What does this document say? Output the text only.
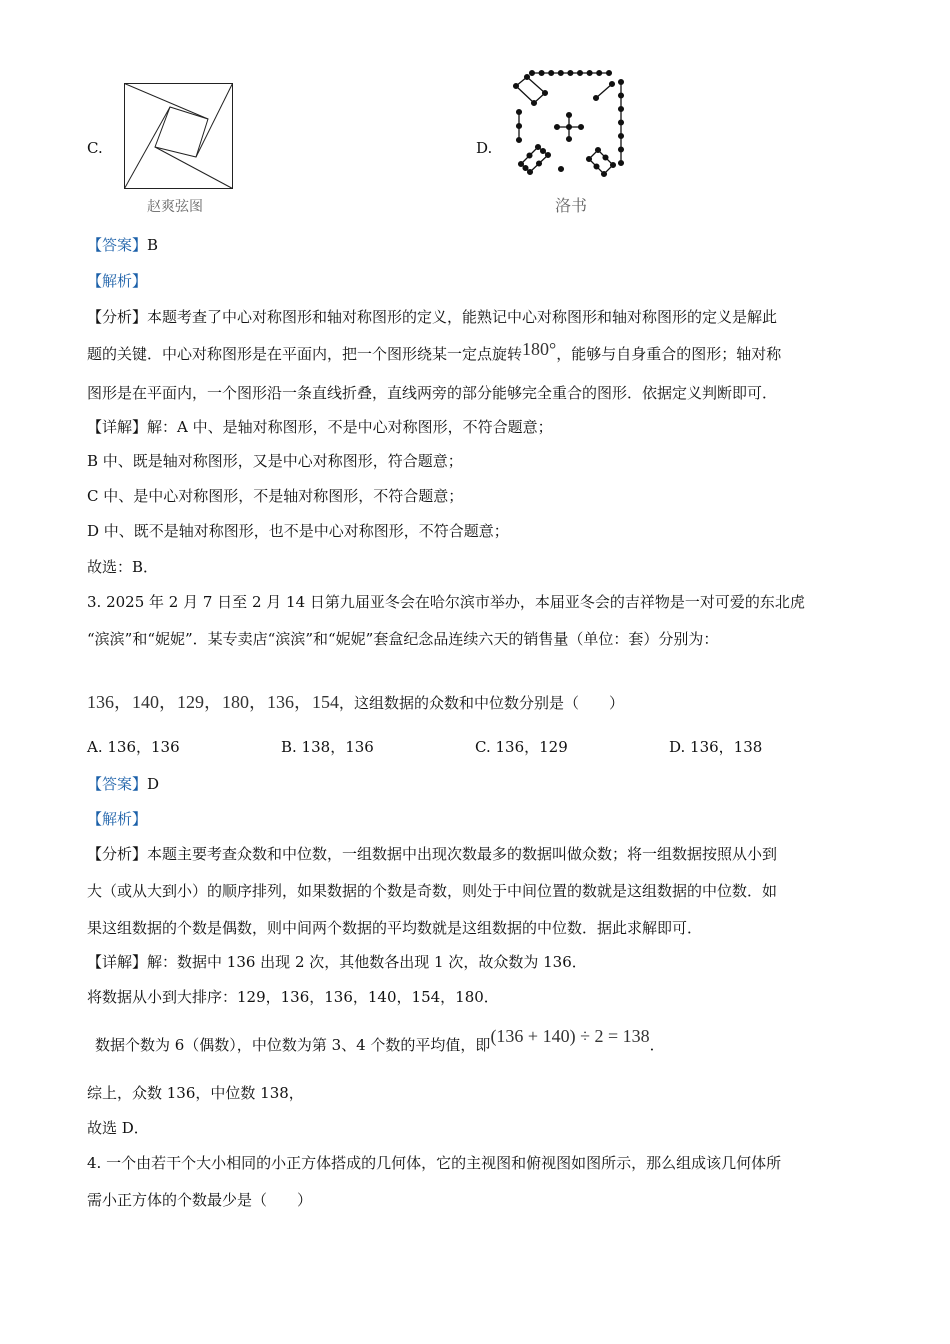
C.
赵爽弦图
D.
洛书
【答案】B
【解析】
【分析】本题考查了中心对称图形和轴对称图形的定义，能熟记中心对称图形和轴对称图形的定义是解此
题的关键．中心对称图形是在平面内，把一个图形绕某一定点旋转180°，能够与自身重合的图形；轴对称
图形是在平面内，一个图形沿一条直线折叠，直线两旁的部分能够完全重合的图形．依据定义判断即可．
【详解】解：A 中、是轴对称图形，不是中心对称图形，不符合题意；
B 中、既是轴对称图形，又是中心对称图形，符合题意；
C 中、是中心对称图形，不是轴对称图形，不符合题意；
D 中、既不是轴对称图形，也不是中心对称图形，不符合题意；
故选：B．
3. 2025 年 2 月 7 日至 2 月 14 日第九届亚冬会在哈尔滨市举办，本届亚冬会的吉祥物是一对可爱的东北虎
“滨滨”和“妮妮”．某专卖店“滨滨”和“妮妮”套盒纪念品连续六天的销售量（单位：套）分别为：
136，140，129，180，136，154，这组数据的众数和中位数分别是（　　）
A. 136，136	B. 138，136	C. 136，129	D. 136，138
【答案】D
【解析】
【分析】本题主要考查众数和中位数，一组数据中出现次数最多的数据叫做众数；将一组数据按照从小到
大（或从大到小）的顺序排列，如果数据的个数是奇数，则处于中间位置的数就是这组数据的中位数．如
果这组数据的个数是偶数，则中间两个数据的平均数就是这组数据的中位数．据此求解即可．
【详解】解：数据中 136 出现 2 次，其他数各出现 1 次，故众数为 136．
将数据从小到大排序：129，136，136，140，154，180．
数据个数为 6（偶数），中位数为第 3、4 个数的平均值，即(136 + 140) ÷ 2 = 138．
综上，众数 136，中位数 138，
故选 D．
4. 一个由若干个大小相同的小正方体搭成的几何体，它的主视图和俯视图如图所示，那么组成该几何体所
需小正方体的个数最少是（　　）
